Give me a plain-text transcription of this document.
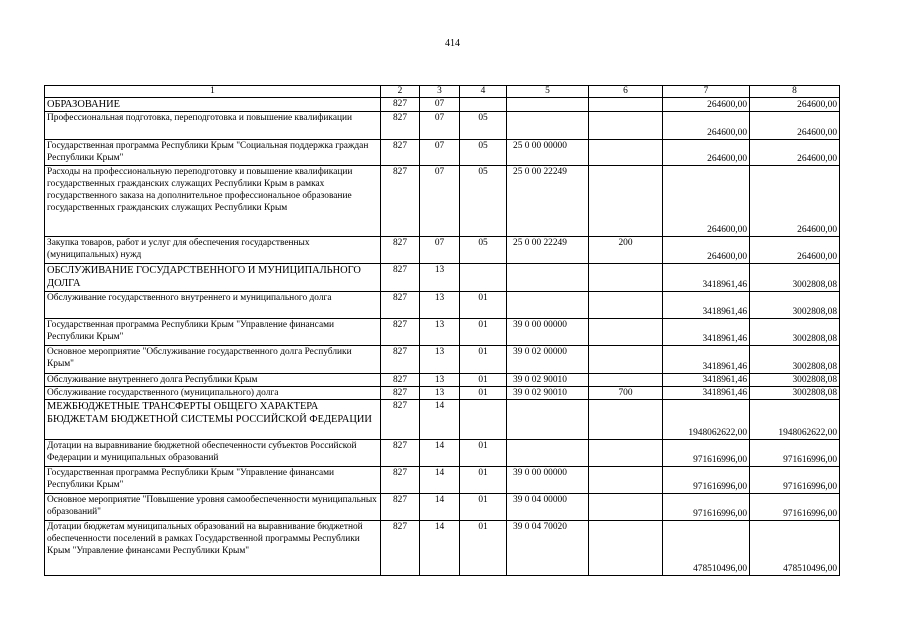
414
1	2	3	4	5	6	7	8
ОБРАЗОВАНИЕ	827	07				264600,00	264600,00
Профессиональная подготовка, переподготовка и повышение квалификации	827	07	05			264600,00	264600,00
Государственная программа Республики Крым "Социальная поддержка граждан Республики Крым"	827	07	05	25 0 00 00000		264600,00	264600,00
Расходы на профессиональную переподготовку и повышение квалификации государственных гражданских служащих Республики Крым в рамках государственного заказа на дополнительное профессиональное образование государственных гражданских служащих Республики Крым	827	07	05	25 0 00 22249		264600,00	264600,00
Закупка товаров, работ и услуг для обеспечения государственных (муниципальных) нужд	827	07	05	25 0 00 22249	200	264600,00	264600,00
ОБСЛУЖИВАНИЕ ГОСУДАРСТВЕННОГО И МУНИЦИПАЛЬНОГО ДОЛГА	827	13				3418961,46	3002808,08
Обслуживание государственного внутреннего и муниципального долга	827	13	01			3418961,46	3002808,08
Государственная программа Республики Крым "Управление финансами Республики Крым"	827	13	01	39 0 00 00000		3418961,46	3002808,08
Основное мероприятие "Обслуживание государственного долга Республики Крым"	827	13	01	39 0 02 00000		3418961,46	3002808,08
Обслуживание внутреннего долга Республики Крым	827	13	01	39 0 02 90010		3418961,46	3002808,08
Обслуживание государственного (муниципального) долга	827	13	01	39 0 02 90010	700	3418961,46	3002808,08
МЕЖБЮДЖЕТНЫЕ ТРАНСФЕРТЫ ОБЩЕГО ХАРАКТЕРА БЮДЖЕТАМ БЮДЖЕТНОЙ СИСТЕМЫ РОССИЙСКОЙ ФЕДЕРАЦИИ	827	14				1948062622,00	1948062622,00
Дотации на выравнивание бюджетной обеспеченности субъектов Российской Федерации и муниципальных образований	827	14	01			971616996,00	971616996,00
Государственная программа Республики Крым "Управление финансами Республики Крым"	827	14	01	39 0 00 00000		971616996,00	971616996,00
Основное мероприятие "Повышение уровня самообеспеченности муниципальных образований"	827	14	01	39 0 04 00000		971616996,00	971616996,00
Дотации бюджетам муниципальных образований на выравнивание бюджетной обеспеченности поселений в рамках Государственной программы Республики Крым "Управление финансами Республики Крым"	827	14	01	39 0 04 70020		478510496,00	478510496,00
